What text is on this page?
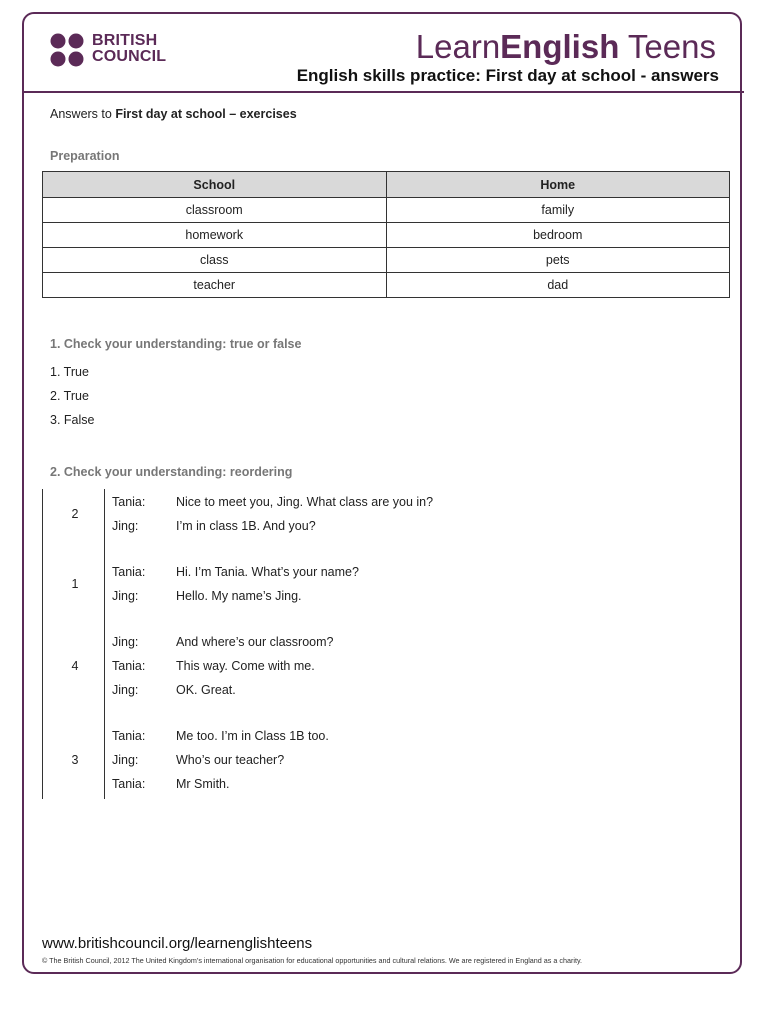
BRITISH
COUNCIL	LearnEnglish Teens
English skills practice: First day at school - answers
Answers to First day at school – exercises
Preparation
School	Home
classroom	family
homework	bedroom
class	pets
teacher	dad
1. Check your understanding: true or false
1. True
2. True
3. False
2. Check your understanding: reordering
2
Tania: Nice to meet you, Jing. What class are you in?
Jing:	I’m in class 1B. And you?
1
Tania: Hi. I’m Tania. What’s your name?
Jing:	Hello. My name’s Jing.
4
Jing:	And where’s our classroom?
Tania: This way. Come with me.
Jing:	OK. Great.
3
Tania: Me too. I’m in Class 1B too.
Jing:	Who’s our teacher?
Tania: Mr Smith.
www.britishcouncil.org/learnenglishteens
© The British Council, 2012 The United Kingdom’s international organisation for educational opportunities and cultural relations. We are registered in England as a charity.
